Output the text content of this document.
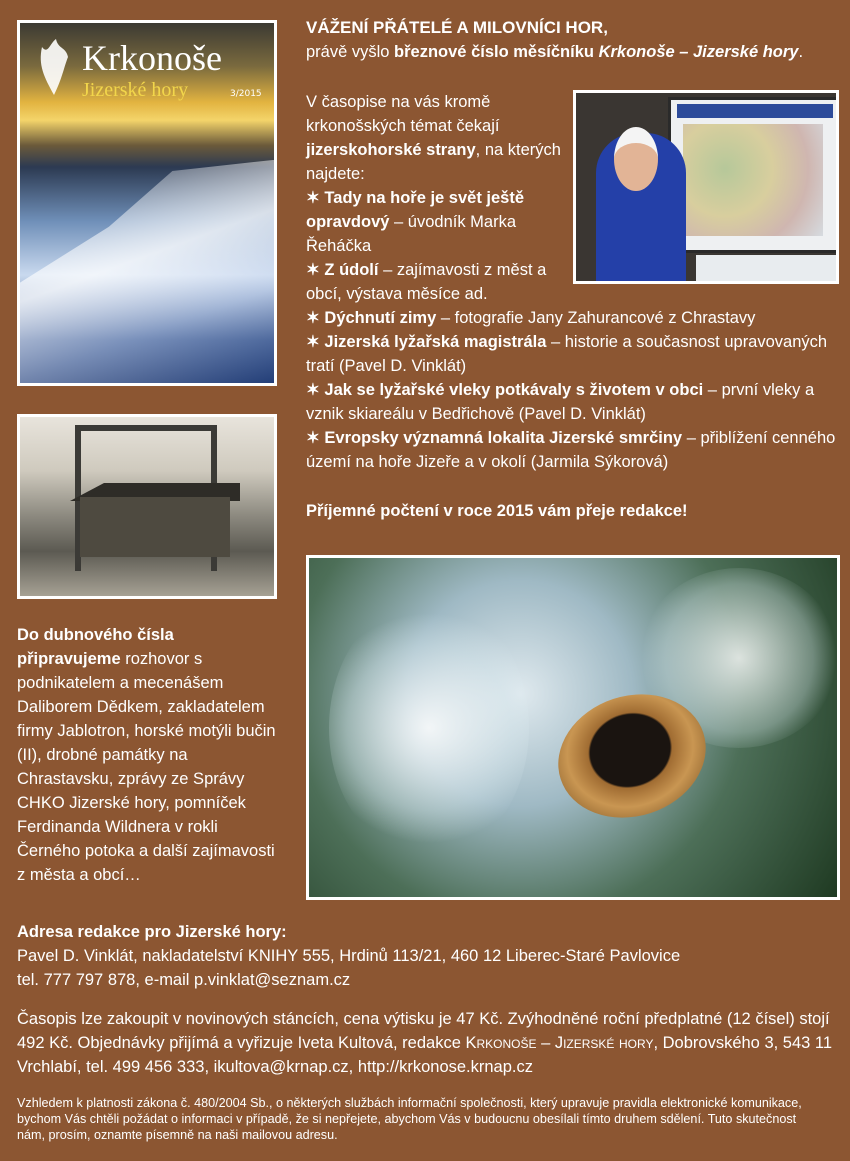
Krkonoše
Jizerské hory	3/2015
VÁŽENÍ PŘÁTELÉ A MILOVNÍCI HOR,
právě vyšlo březnové číslo měsíčníku Krkonoše – Jizerské hory.
V časopise na vás kromě krkonošských témat čekají jizerskohorské strany, na kterých najdete:
✶ Tady na hoře je svět ještě opravdový – úvodník Marka Řeháčka
✶ Z údolí – zajímavosti z měst a obcí, výstava měsíce ad.
✶ Dýchnutí zimy – fotografie Jany Zahurancové z Chrastavy
✶ Jizerská lyžařská magistrála – historie a současnost upravovaných tratí (Pavel D. Vinklát)
✶ Jak se lyžařské vleky potkávaly s životem v obci – první vleky a vznik skiareálu v Bedřichově (Pavel D. Vinklát)
✶ Evropsky významná lokalita Jizerské smrčiny – přiblížení cenného území na hoře Jizeře a v okolí (Jarmila Sýkorová)
Příjemné počtení v roce 2015 vám přeje redakce!
Do dubnového čísla připravujeme rozhovor s podnikatelem a mecenášem Daliborem Dědkem, zakladatelem firmy Jablotron, horské motýli bučin (II), drobné památky na Chrastavsku, zprávy ze Správy CHKO Jizerské hory, pomníček Ferdinanda Wildnera v rokli Černého potoka a další zajímavosti z města a obcí…
Adresa redakce pro Jizerské hory:
Pavel D. Vinklát, nakladatelství KNIHY 555, Hrdinů 113/21, 460 12 Liberec-Staré Pavlovice
tel. 777 797 878, e-mail p.vinklat@seznam.cz
Časopis lze zakoupit v novinových stáncích, cena výtisku je 47 Kč. Zvýhodněné roční předplatné (12 čísel) stojí 492 Kč. Objednávky přijímá a vyřizuje Iveta Kultová, redakce Krkonoše – Jizerské hory, Dobrovského 3, 543 11 Vrchlabí, tel. 499 456 333, ikultova@krnap.cz, http://krkonose.krnap.cz
Vzhledem k platnosti zákona č. 480/2004 Sb., o některých službách informační společnosti, který upravuje pravidla elektronické komunikace, bychom Vás chtěli požádat o informaci v případě, že si nepřejete, abychom Vás v budoucnu obesílali tímto druhem sdělení. Tuto skutečnost nám, prosím, oznamte písemně na naši mailovou adresu.
